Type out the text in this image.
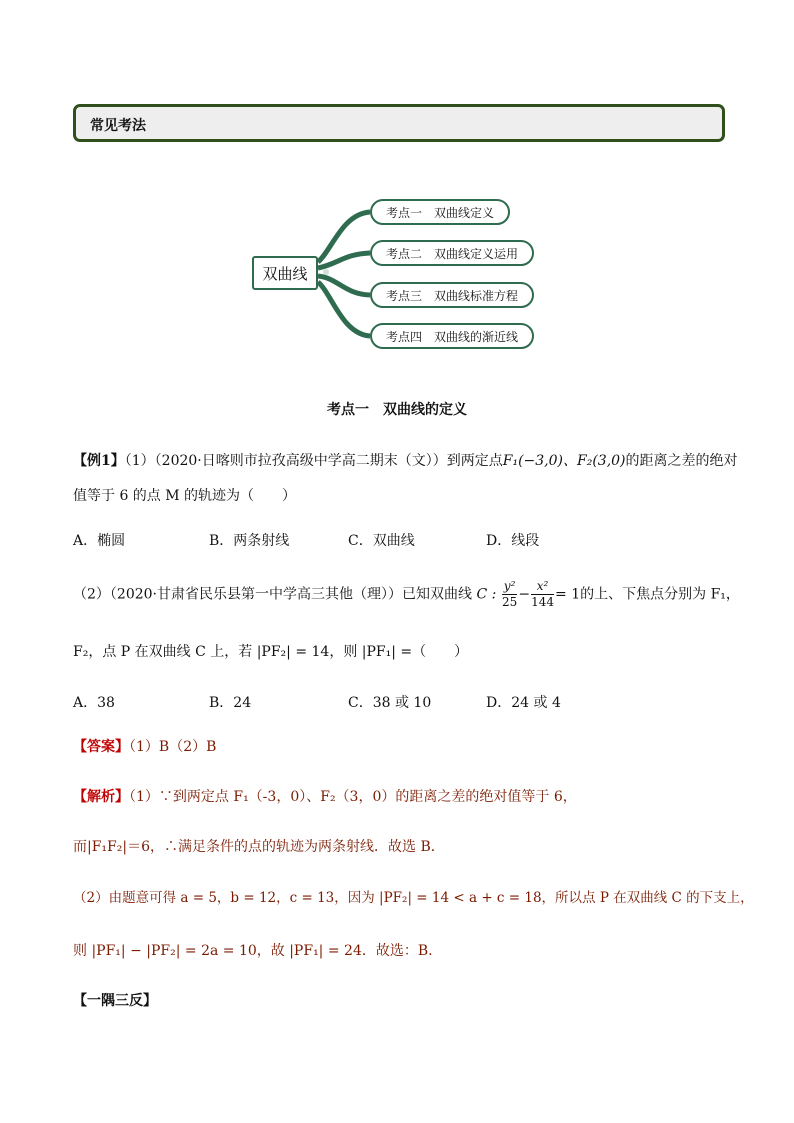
常见考法
双曲线
考点一　双曲线定义
考点二　双曲线定义运用
考点三　双曲线标准方程
考点四　双曲线的渐近线
考点一　双曲线的定义
【例1】（1）（2020·日喀则市拉孜高级中学高二期末（文））到两定点F₁(−3,0)、F₂(3,0)的距离之差的绝对
值等于 6 的点 M 的轨迹为（　　）
A．椭圆	B．两条射线	C．双曲线	D．线段
（2）（2020·甘肃省民乐县第一中学高三其他（理））已知双曲线 C : $\frac{\text{y²}}{25} - \frac{\text{x²}}{144} = 1$的上、下焦点分别为 F₁，
F₂，点 P 在双曲线 C 上，若 |PF₂| = 14，则 |PF₁| =（　　）
A．38	B．24	C．38 或 10	D．24 或 4
【答案】（1）B（2）B
【解析】（1）∵到两定点 F₁（-3，0）、F₂（3，0）的距离之差的绝对值等于 6，
而|F₁F₂|＝6，∴满足条件的点的轨迹为两条射线．故选 B．
（2）由题意可得 a = 5，b = 12，c = 13，因为 |PF₂| = 14 < a + c = 18，所以点 P 在双曲线 C 的下支上，
则 |PF₁| − |PF₂| = 2a = 10，故 |PF₁| = 24．故选：B.
【一隅三反】
